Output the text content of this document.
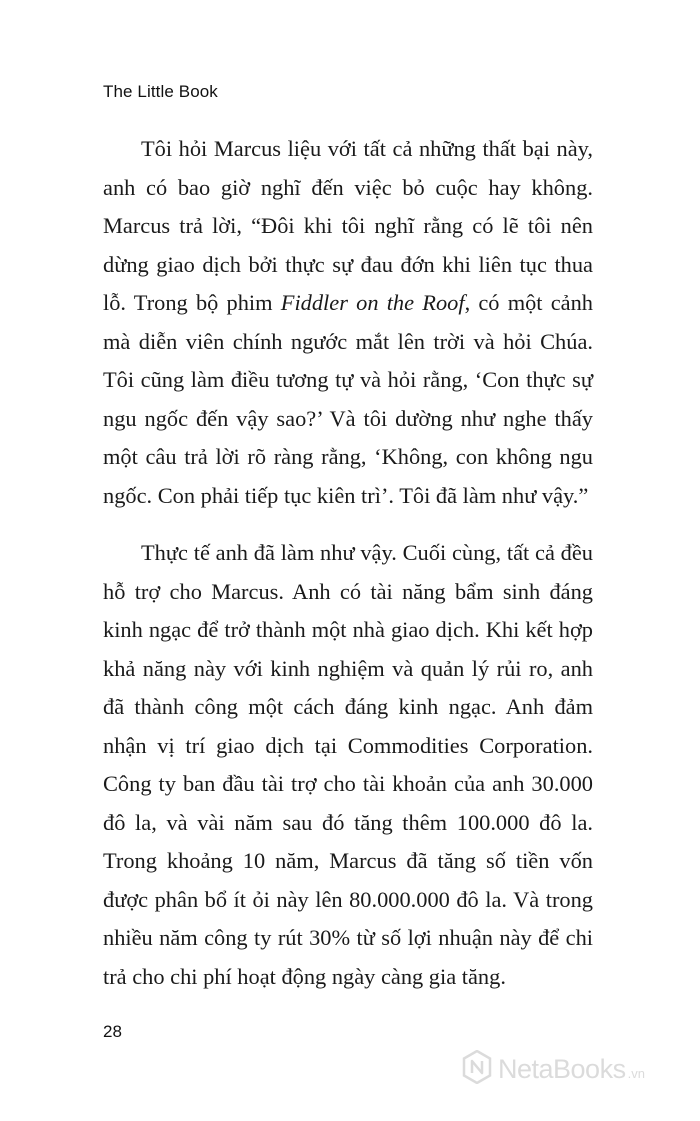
The Little Book

Tôi hỏi Marcus liệu với tất cả những thất bại này, anh có bao giờ nghĩ đến việc bỏ cuộc hay không. Marcus trả lời, “Đôi khi tôi nghĩ rằng có lẽ tôi nên dừng giao dịch bởi thực sự đau đớn khi liên tục thua lỗ. Trong bộ phim Fiddler on the Roof, có một cảnh mà diễn viên chính ngước mắt lên trời và hỏi Chúa. Tôi cũng làm điều tương tự và hỏi rằng, ‘Con thực sự ngu ngốc đến vậy sao?’ Và tôi dường như nghe thấy một câu trả lời rõ ràng rằng, ‘Không, con không ngu ngốc. Con phải tiếp tục kiên trì’. Tôi đã làm như vậy.”

Thực tế anh đã làm như vậy. Cuối cùng, tất cả đều hỗ trợ cho Marcus. Anh có tài năng bẩm sinh đáng kinh ngạc để trở thành một nhà giao dịch. Khi kết hợp khả năng này với kinh nghiệm và quản lý rủi ro, anh đã thành công một cách đáng kinh ngạc. Anh đảm nhận vị trí giao dịch tại Commodities Corporation. Công ty ban đầu tài trợ cho tài khoản của anh 30.000 đô la, và vài năm sau đó tăng thêm 100.000 đô la. Trong khoảng 10 năm, Marcus đã tăng số tiền vốn được phân bổ ít ỏi này lên 80.000.000 đô la. Và trong nhiều năm công ty rút 30% từ số lợi nhuận này để chi trả cho chi phí hoạt động ngày càng gia tăng.

28
NetaBooks .vn
